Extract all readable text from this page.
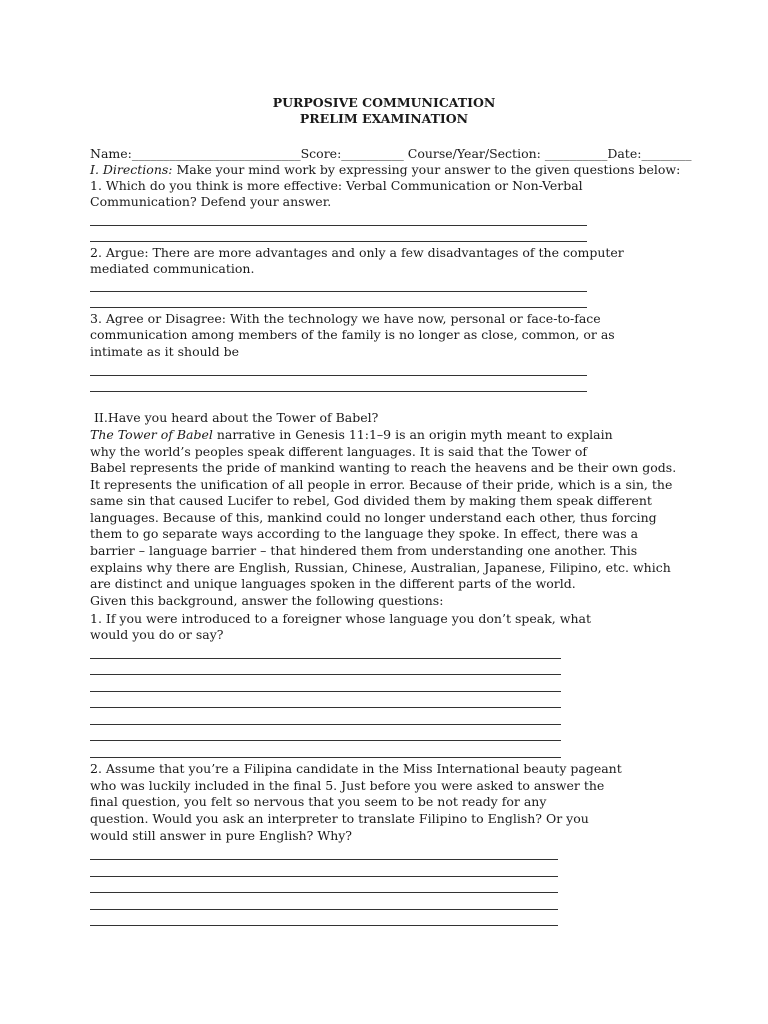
PURPOSIVE COMMUNICATION
PRELIM EXAMINATION
Name:___________________________Score:__________ Course/Year/Section: __________Date:________
I. Directions: Make your mind work by expressing your answer to the given questions below:
1. Which do you think is more effective: Verbal Communication or Non-Verbal
Communication? Defend your answer.
2. Argue: There are more advantages and only a few disadvantages of the computer
mediated communication.
3. Agree or Disagree: With the technology we have now, personal or face-to-face
communication among members of the family is no longer as close, common, or as
intimate as it should be
II.Have you heard about the Tower of Babel?
The Tower of Babel narrative in Genesis 11:1–9 is an origin myth meant to explain
why the world’s peoples speak different languages. It is said that the Tower of
Babel represents the pride of mankind wanting to reach the heavens and be their own gods.
It represents the unification of all people in error. Because of their pride, which is a sin, the
same sin that caused Lucifer to rebel, God divided them by making them speak different
languages. Because of this, mankind could no longer understand each other, thus forcing
them to go separate ways according to the language they spoke. In effect, there was a
barrier – language barrier – that hindered them from understanding one another. This
explains why there are English, Russian, Chinese, Australian, Japanese, Filipino, etc. which
are distinct and unique languages spoken in the different parts of the world.
Given this background, answer the following questions:
1. If you were introduced to a foreigner whose language you don’t speak, what
would you do or say?
2. Assume that you’re a Filipina candidate in the Miss International beauty pageant
who was luckily included in the final 5. Just before you were asked to answer the
final question, you felt so nervous that you seem to be not ready for any
question. Would you ask an interpreter to translate Filipino to English? Or you
would still answer in pure English? Why?
